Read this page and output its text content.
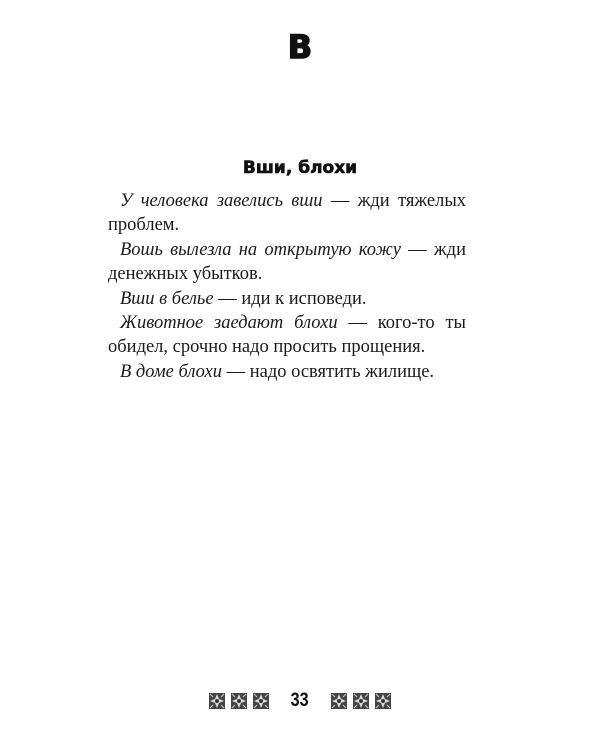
В
Вши, блохи

У человека завелись вши — жди тяжелых проблем.

Вошь вылезла на открытую кожу — жди денежных убытков.

Вши в белье — иди к исповеди.

Животное заедают блохи — кого-то ты обидел, срочно надо просить прощения.

В доме блохи — надо освятить жилище.

33
